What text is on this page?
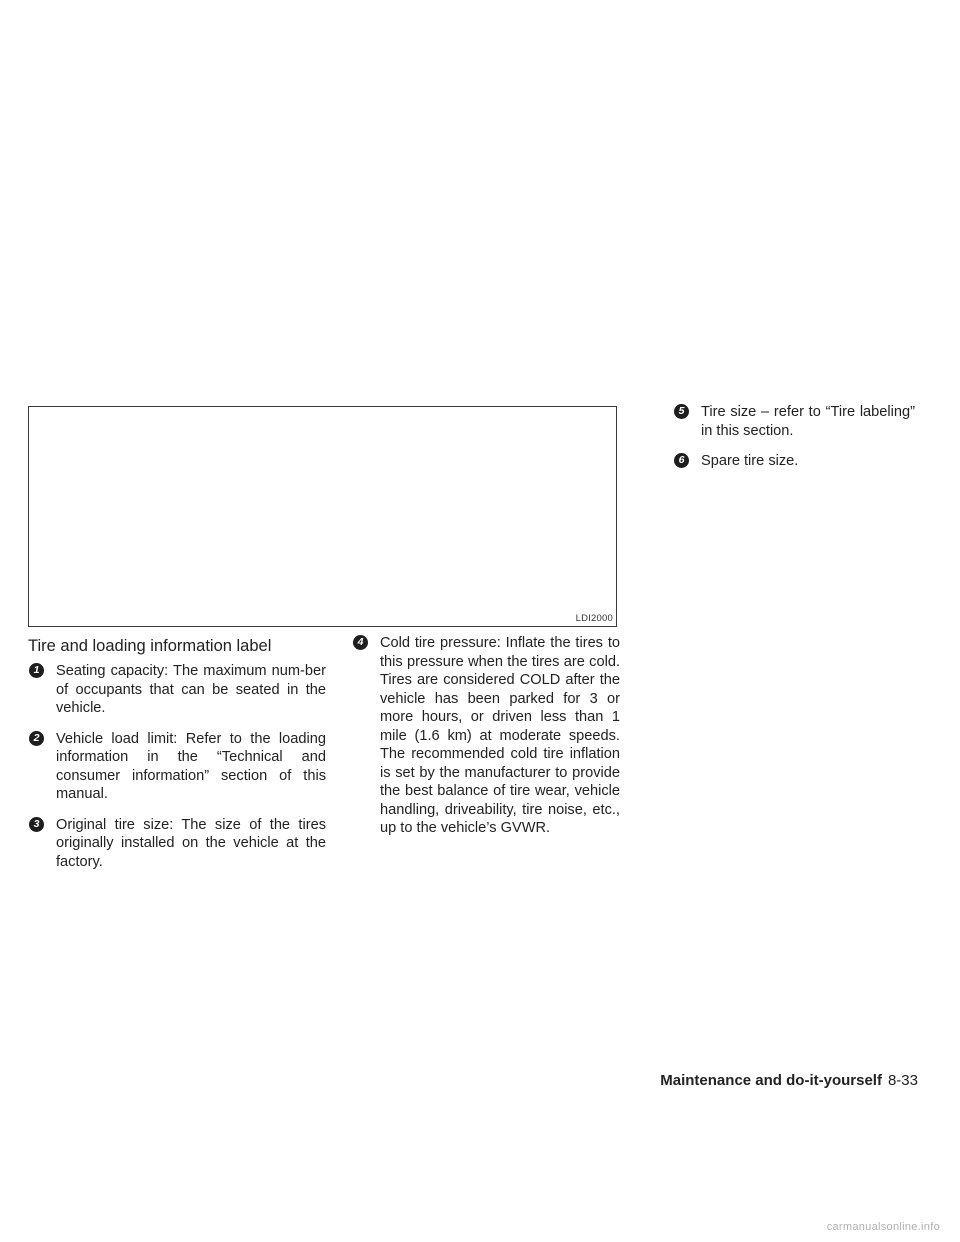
LDI2000
Tire and loading information label
1	Seating capacity: The maximum num-ber of occupants that can be seated in the vehicle.
2	Vehicle load limit: Refer to the loading information in the “Technical and consumer information” section of this manual.
3	Original tire size: The size of the tires originally installed on the vehicle at the factory.
4	Cold tire pressure: Inflate the tires to this pressure when the tires are cold. Tires are considered COLD after the vehicle has been parked for 3 or more hours, or driven less than 1 mile (1.6 km) at moderate speeds. The recommended cold tire inflation is set by the manufacturer to provide the best balance of tire wear, vehicle handling, driveability, tire noise, etc., up to the vehicle’s GVWR.
5	Tire size – refer to “Tire labeling” in this section.
6	Spare tire size.
Maintenance and do-it-yourself 8-33
carmanualsonline.info
